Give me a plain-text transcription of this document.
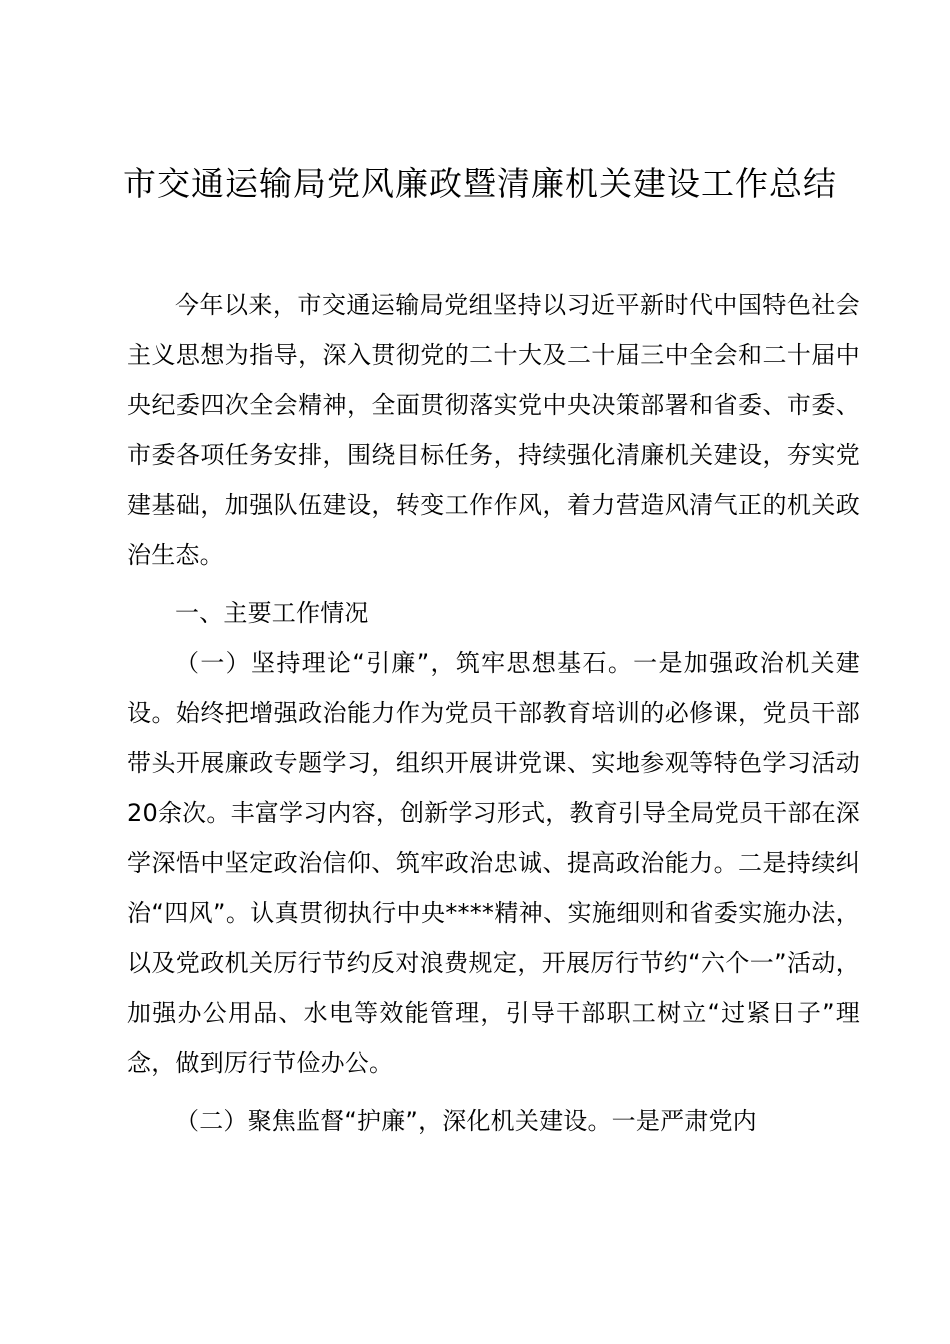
市交通运输局党风廉政暨清廉机关建设工作总结

今年以来，市交通运输局党组坚持以习近平新时代中国特色社会主义思想为指导，深入贯彻党的二十大及二十届三中全会和二十届中央纪委四次全会精神，全面贯彻落实党中央决策部署和省委、市委、市委各项任务安排，围绕目标任务，持续强化清廉机关建设，夯实党建基础，加强队伍建设，转变工作作风，着力营造风清气正的机关政治生态。

一、主要工作情况

（一）坚持理论“引廉”，筑牢思想基石。一是加强政治机关建设。始终把增强政治能力作为党员干部教育培训的必修课，党员干部带头开展廉政专题学习，组织开展讲党课、实地参观等特色学习活动20余次。丰富学习内容，创新学习形式，教育引导全局党员干部在深学深悟中坚定政治信仰、筑牢政治忠诚、提高政治能力。二是持续纠治“四风”。认真贯彻执行中央****精神、实施细则和省委实施办法，以及党政机关厉行节约反对浪费规定，开展厉行节约“六个一”活动，加强办公用品、水电等效能管理，引导干部职工树立“过紧日子”理念，做到厉行节俭办公。

（二）聚焦监督“护廉”，深化机关建设。一是严肃党内
